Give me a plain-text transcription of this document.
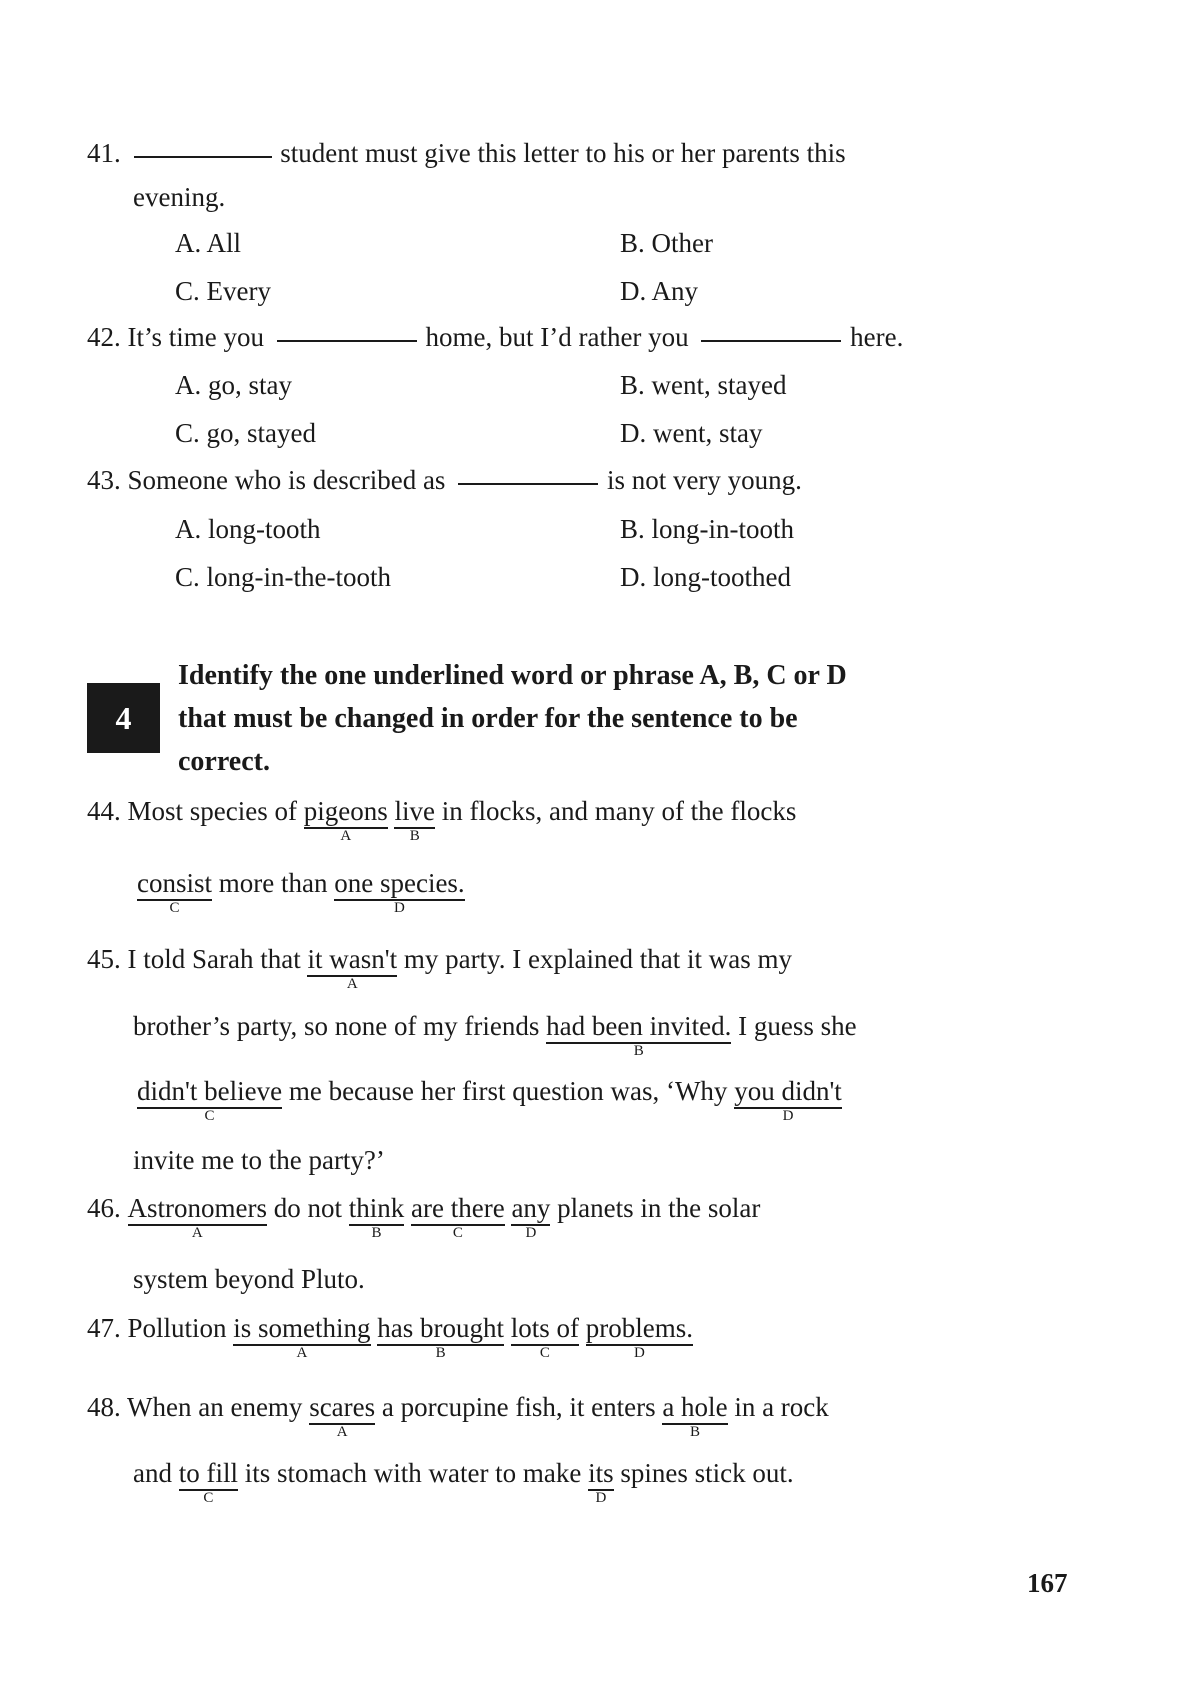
41.	student must give this letter to his or her parents this
evening.
A. All	B. Other
C. Every	D. Any
42. It’s time you	home, but I’d rather you	here.
A. go, stay	B. went, stayed
C. go, stayed	D. went, stay
43. Someone who is described as	is not very young.
A. long-tooth	B. long-in-tooth
C. long-in-the-tooth	D. long-toothed
4
Identify the one underlined word or phrase A, B, C or D
that must be changed in order for the sentence to be
correct.
44. Most species of pigeons
A
live
B
in flocks, and many of the flocks
consist
C
more than one species.
D
45. I told Sarah that it wasn't
A
my party. I explained that it was my
brother’s party, so none of my friends had been invited.
B
I guess she
didn't believe
C
me because her first question was, ‘Why you didn't
D
invite me to the party?’
46. Astronomers
A
do not think
B
are there
C
any
D
planets in the solar
system beyond Pluto.
47. Pollution is something
A
has brought
B
lots of
C
problems.
D
48. When an enemy scares
A
a porcupine fish, it enters a hole
B
in a rock
and to fill
C
its stomach with water to make its
D
spines stick out.
167
